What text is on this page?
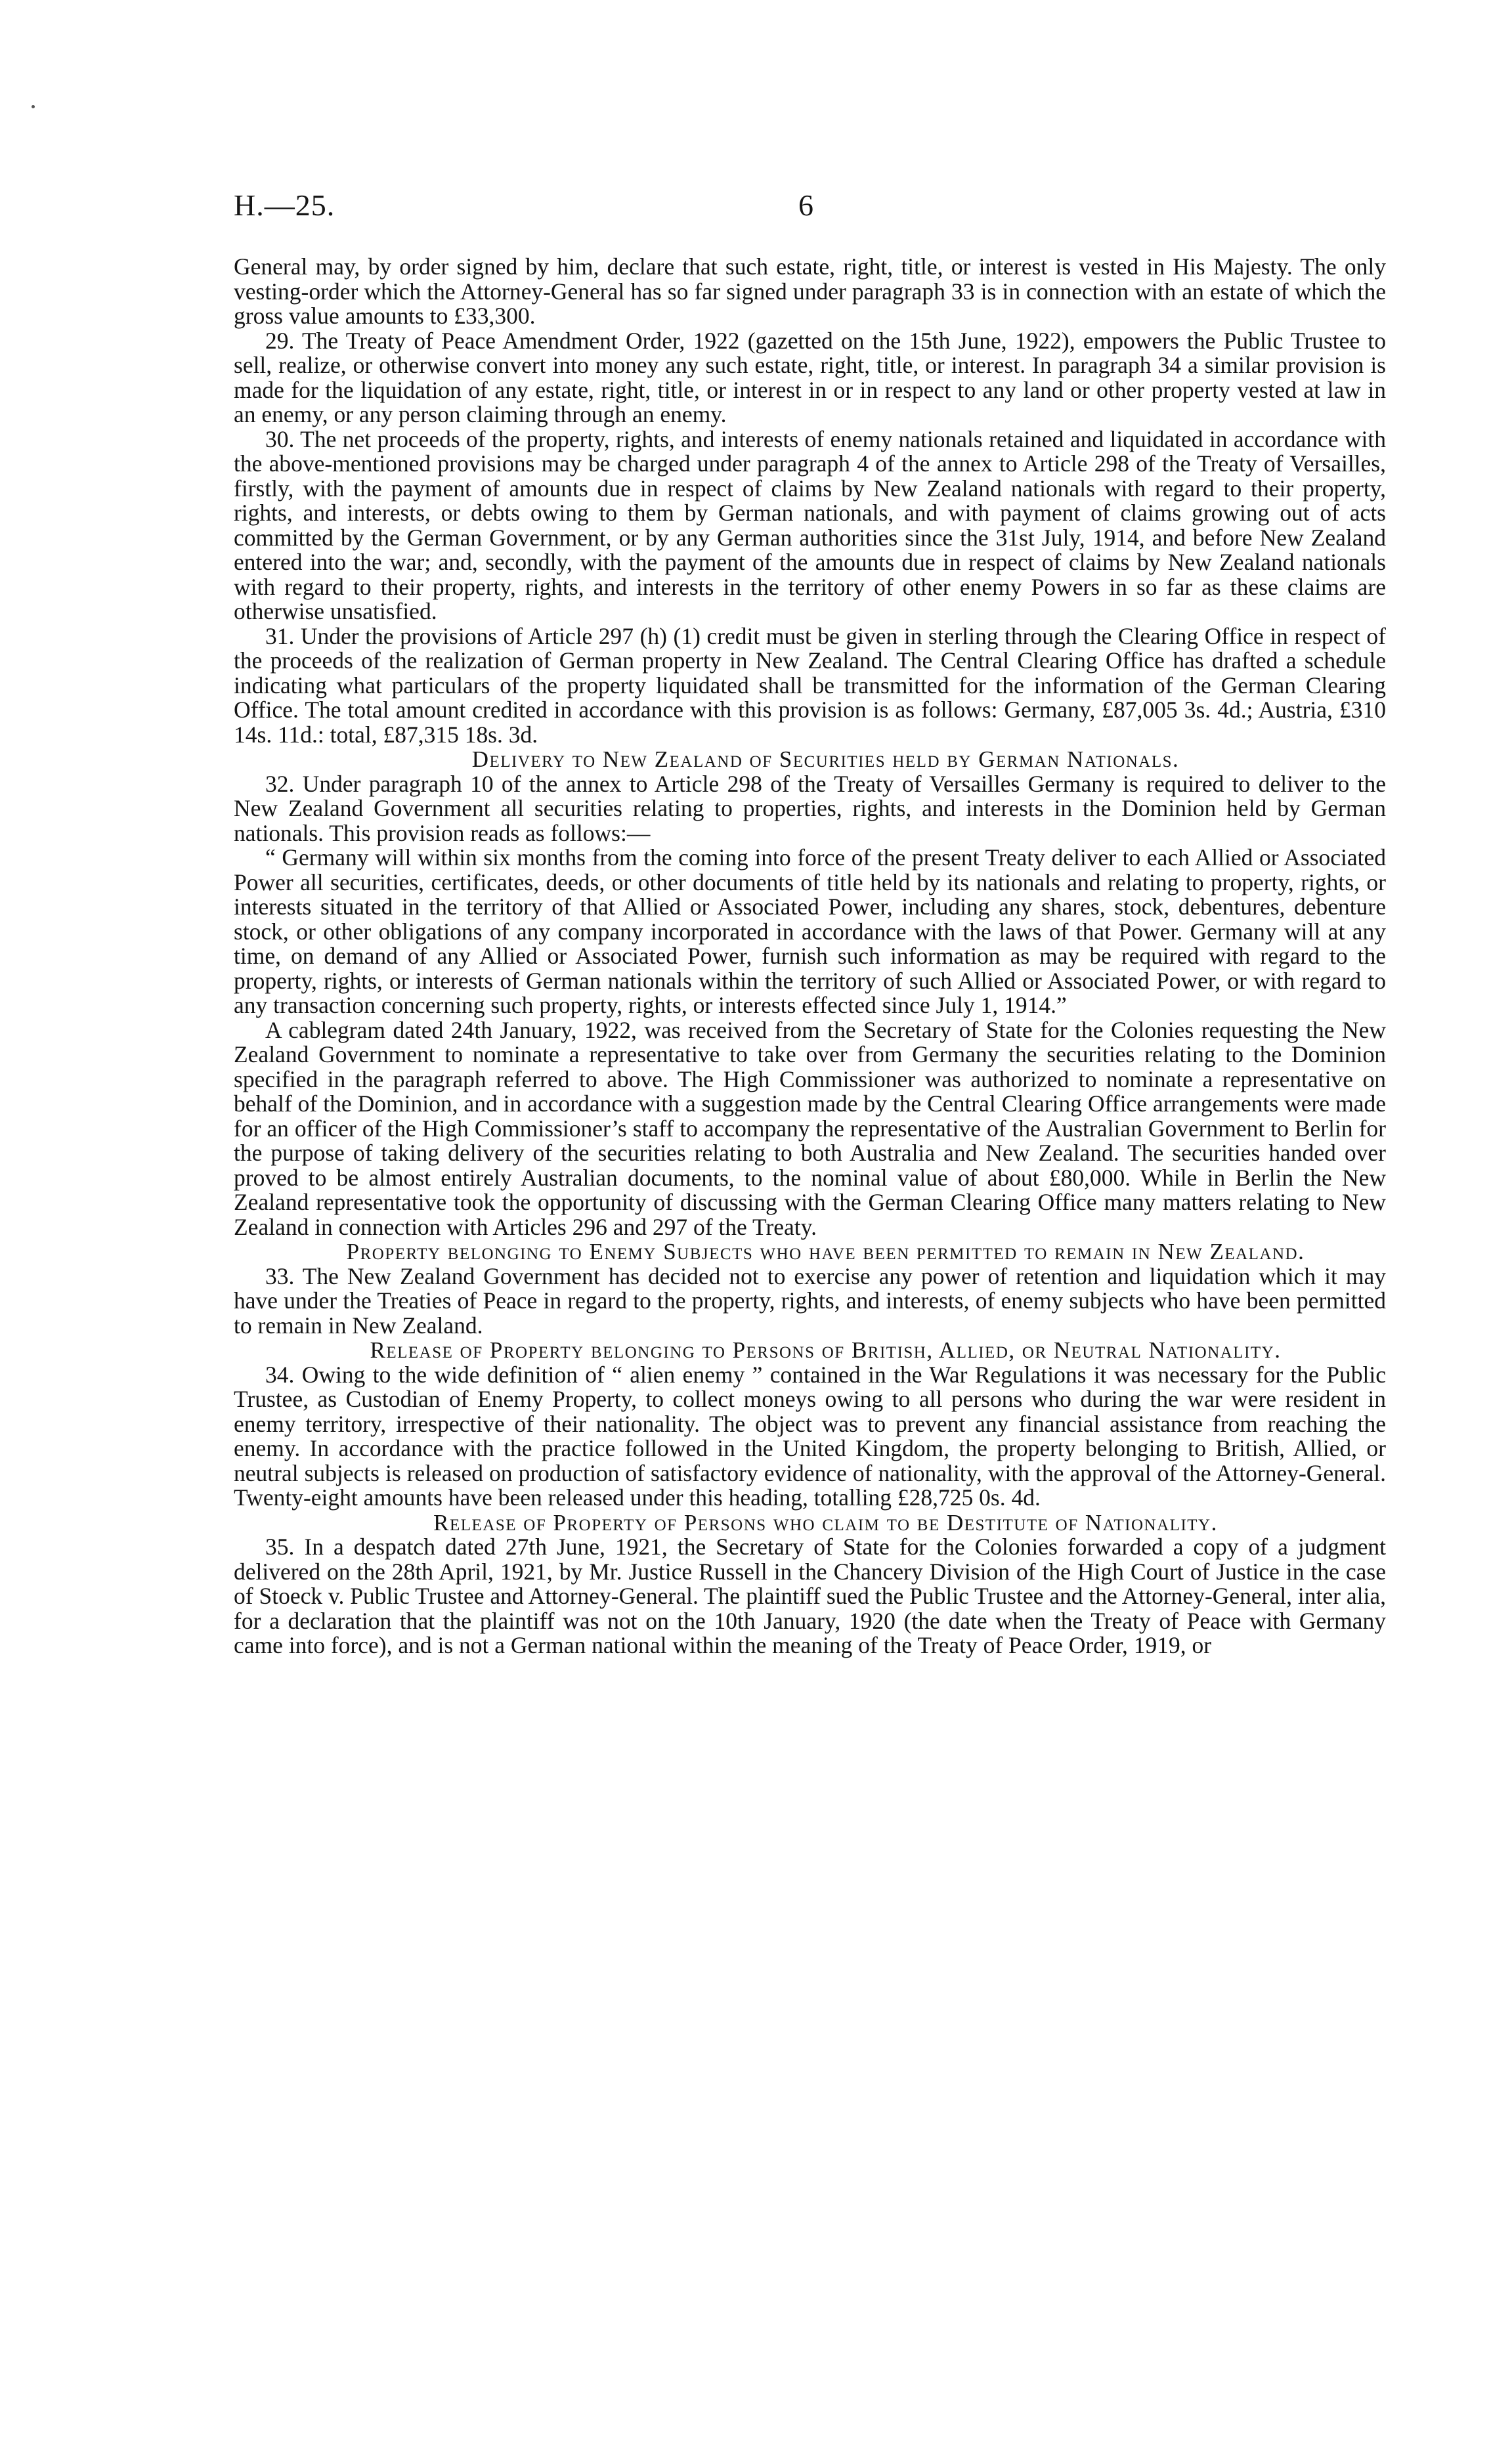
H.—25.	6

General may, by order signed by him, declare that such estate, right, title, or interest is vested in His Majesty. The only vesting-order which the Attorney-General has so far signed under paragraph 33 is in connection with an estate of which the gross value amounts to £33,300.

29. The Treaty of Peace Amendment Order, 1922 (gazetted on the 15th June, 1922), empowers the Public Trustee to sell, realize, or otherwise convert into money any such estate, right, title, or interest. In paragraph 34 a similar provision is made for the liquidation of any estate, right, title, or interest in or in respect to any land or other property vested at law in an enemy, or any person claiming through an enemy.

30. The net proceeds of the property, rights, and interests of enemy nationals retained and liquidated in accordance with the above-mentioned provisions may be charged under paragraph 4 of the annex to Article 298 of the Treaty of Versailles, firstly, with the payment of amounts due in respect of claims by New Zealand nationals with regard to their property, rights, and interests, or debts owing to them by German nationals, and with payment of claims growing out of acts committed by the German Government, or by any German authorities since the 31st July, 1914, and before New Zealand entered into the war; and, secondly, with the payment of the amounts due in respect of claims by New Zealand nationals with regard to their property, rights, and interests in the territory of other enemy Powers in so far as these claims are otherwise unsatisfied.

31. Under the provisions of Article 297 (h) (1) credit must be given in sterling through the Clearing Office in respect of the proceeds of the realization of German property in New Zealand. The Central Clearing Office has drafted a schedule indicating what particulars of the property liquidated shall be transmitted for the information of the German Clearing Office. The total amount credited in accordance with this provision is as follows: Germany, £87,005 3s. 4d.; Austria, £310 14s. 11d.: total, £87,315 18s. 3d.

Delivery to New Zealand of Securities held by German Nationals.

32. Under paragraph 10 of the annex to Article 298 of the Treaty of Versailles Germany is required to deliver to the New Zealand Government all securities relating to properties, rights, and interests in the Dominion held by German nationals. This provision reads as follows:—

“ Germany will within six months from the coming into force of the present Treaty deliver to each Allied or Associated Power all securities, certificates, deeds, or other documents of title held by its nationals and relating to property, rights, or interests situated in the territory of that Allied or Associated Power, including any shares, stock, debentures, debenture stock, or other obligations of any company incorporated in accordance with the laws of that Power. Germany will at any time, on demand of any Allied or Associated Power, furnish such information as may be required with regard to the property, rights, or interests of German nationals within the territory of such Allied or Associated Power, or with regard to any transaction concerning such property, rights, or interests effected since July 1, 1914.”

A cablegram dated 24th January, 1922, was received from the Secretary of State for the Colonies requesting the New Zealand Government to nominate a representative to take over from Germany the securities relating to the Dominion specified in the paragraph referred to above. The High Commissioner was authorized to nominate a representative on behalf of the Dominion, and in accordance with a suggestion made by the Central Clearing Office arrangements were made for an officer of the High Commissioner’s staff to accompany the representative of the Australian Government to Berlin for the purpose of taking delivery of the securities relating to both Australia and New Zealand. The securities handed over proved to be almost entirely Australian documents, to the nominal value of about £80,000. While in Berlin the New Zealand representative took the opportunity of discussing with the German Clearing Office many matters relating to New Zealand in connection with Articles 296 and 297 of the Treaty.

Property belonging to Enemy Subjects who have been permitted to remain in New Zealand.

33. The New Zealand Government has decided not to exercise any power of retention and liquidation which it may have under the Treaties of Peace in regard to the property, rights, and interests, of enemy subjects who have been permitted to remain in New Zealand.

Release of Property belonging to Persons of British, Allied, or Neutral Nationality.

34. Owing to the wide definition of “ alien enemy ” contained in the War Regulations it was necessary for the Public Trustee, as Custodian of Enemy Property, to collect moneys owing to all persons who during the war were resident in enemy territory, irrespective of their nationality. The object was to prevent any financial assistance from reaching the enemy. In accordance with the practice followed in the United Kingdom, the property belonging to British, Allied, or neutral subjects is released on production of satisfactory evidence of nationality, with the approval of the Attorney-General. Twenty-eight amounts have been released under this heading, totalling £28,725 0s. 4d.

Release of Property of Persons who claim to be Destitute of Nationality.

35. In a despatch dated 27th June, 1921, the Secretary of State for the Colonies forwarded a copy of a judgment delivered on the 28th April, 1921, by Mr. Justice Russell in the Chancery Division of the High Court of Justice in the case of Stoeck v. Public Trustee and Attorney-General. The plaintiff sued the Public Trustee and the Attorney-General, inter alia, for a declaration that the plaintiff was not on the 10th January, 1920 (the date when the Treaty of Peace with Germany came into force), and is not a German national within the meaning of the Treaty of Peace Order, 1919, or
